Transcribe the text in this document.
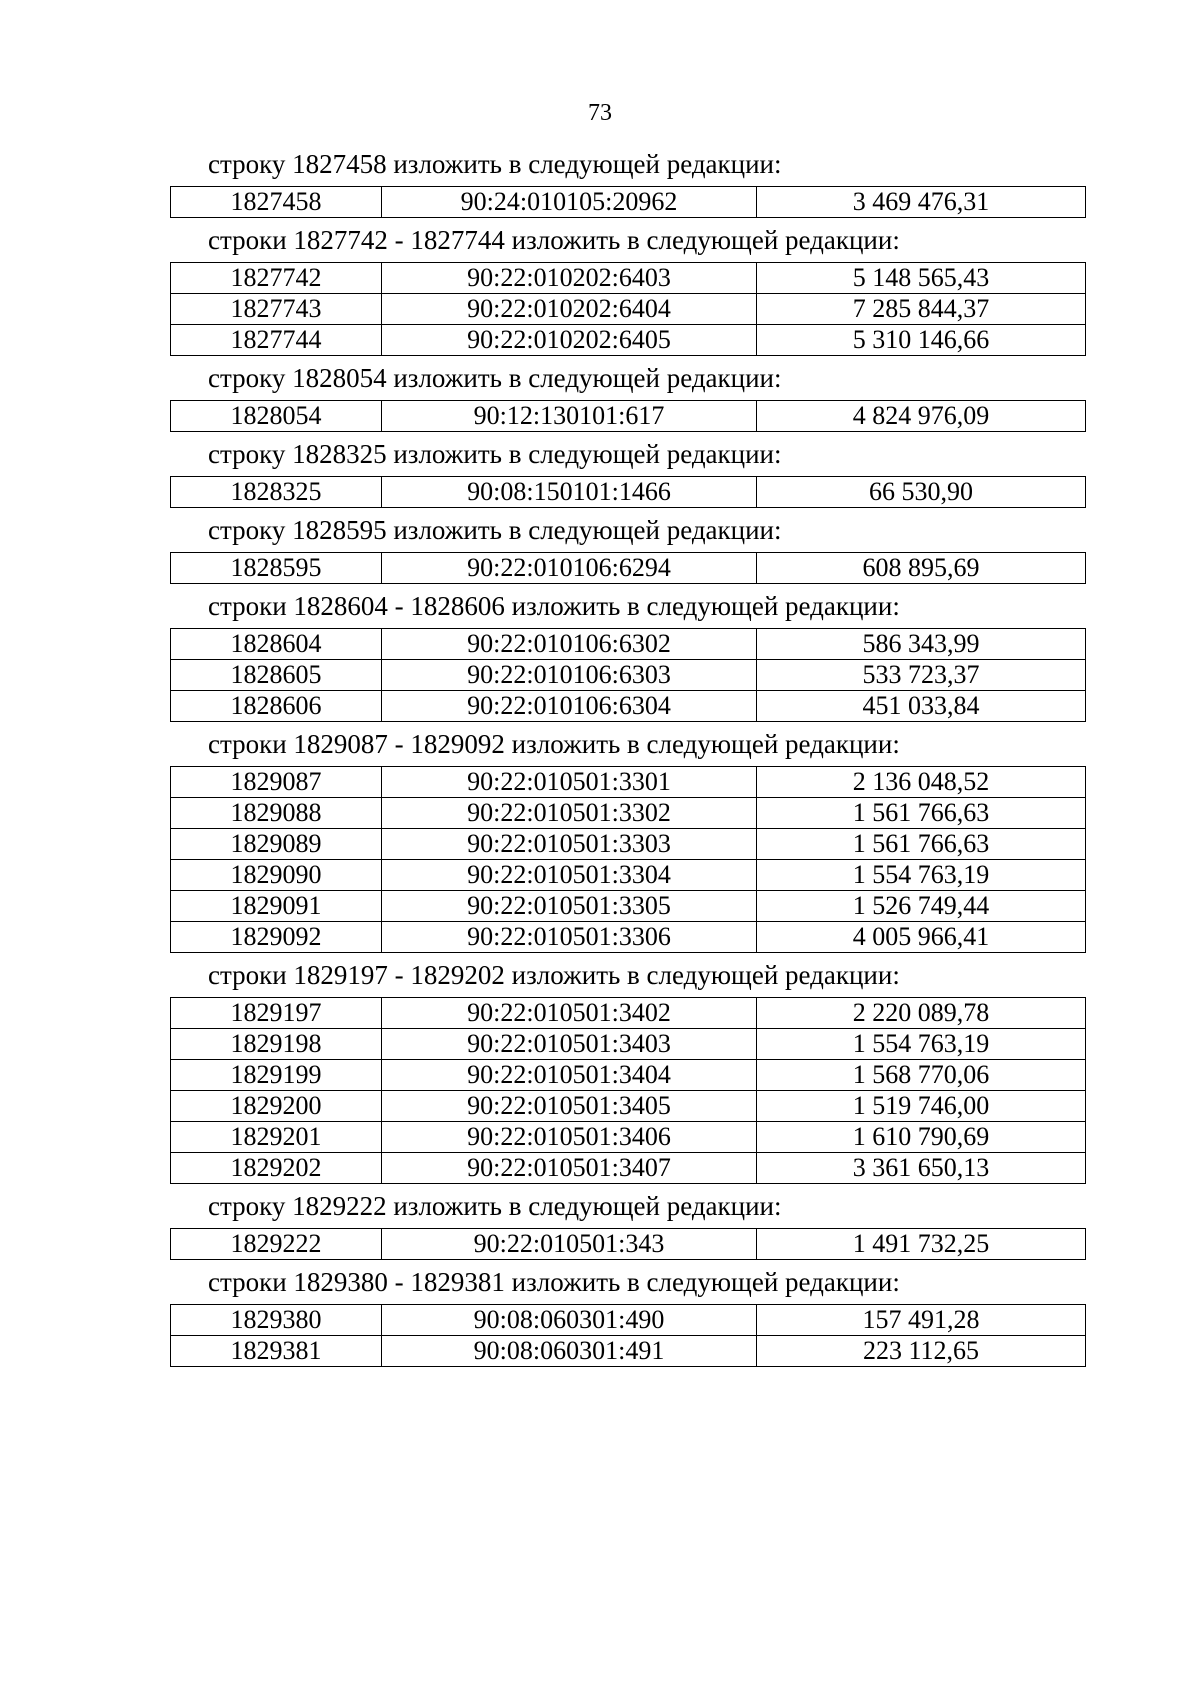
73
строку 1827458 изложить в следующей редакции:
1827458	90:24:010105:20962	3 469 476,31
строки 1827742 - 1827744 изложить в следующей редакции:
1827742	90:22:010202:6403	5 148 565,43
1827743	90:22:010202:6404	7 285 844,37
1827744	90:22:010202:6405	5 310 146,66
строку 1828054 изложить в следующей редакции:
1828054	90:12:130101:617	4 824 976,09
строку 1828325 изложить в следующей редакции:
1828325	90:08:150101:1466	66 530,90
строку 1828595 изложить в следующей редакции:
1828595	90:22:010106:6294	608 895,69
строки 1828604 - 1828606 изложить в следующей редакции:
1828604	90:22:010106:6302	586 343,99
1828605	90:22:010106:6303	533 723,37
1828606	90:22:010106:6304	451 033,84
строки 1829087 - 1829092 изложить в следующей редакции:
1829087	90:22:010501:3301	2 136 048,52
1829088	90:22:010501:3302	1 561 766,63
1829089	90:22:010501:3303	1 561 766,63
1829090	90:22:010501:3304	1 554 763,19
1829091	90:22:010501:3305	1 526 749,44
1829092	90:22:010501:3306	4 005 966,41
строки 1829197 - 1829202 изложить в следующей редакции:
1829197	90:22:010501:3402	2 220 089,78
1829198	90:22:010501:3403	1 554 763,19
1829199	90:22:010501:3404	1 568 770,06
1829200	90:22:010501:3405	1 519 746,00
1829201	90:22:010501:3406	1 610 790,69
1829202	90:22:010501:3407	3 361 650,13
строку 1829222 изложить в следующей редакции:
1829222	90:22:010501:343	1 491 732,25
строки 1829380 - 1829381 изложить в следующей редакции:
1829380	90:08:060301:490	157 491,28
1829381	90:08:060301:491	223 112,65
